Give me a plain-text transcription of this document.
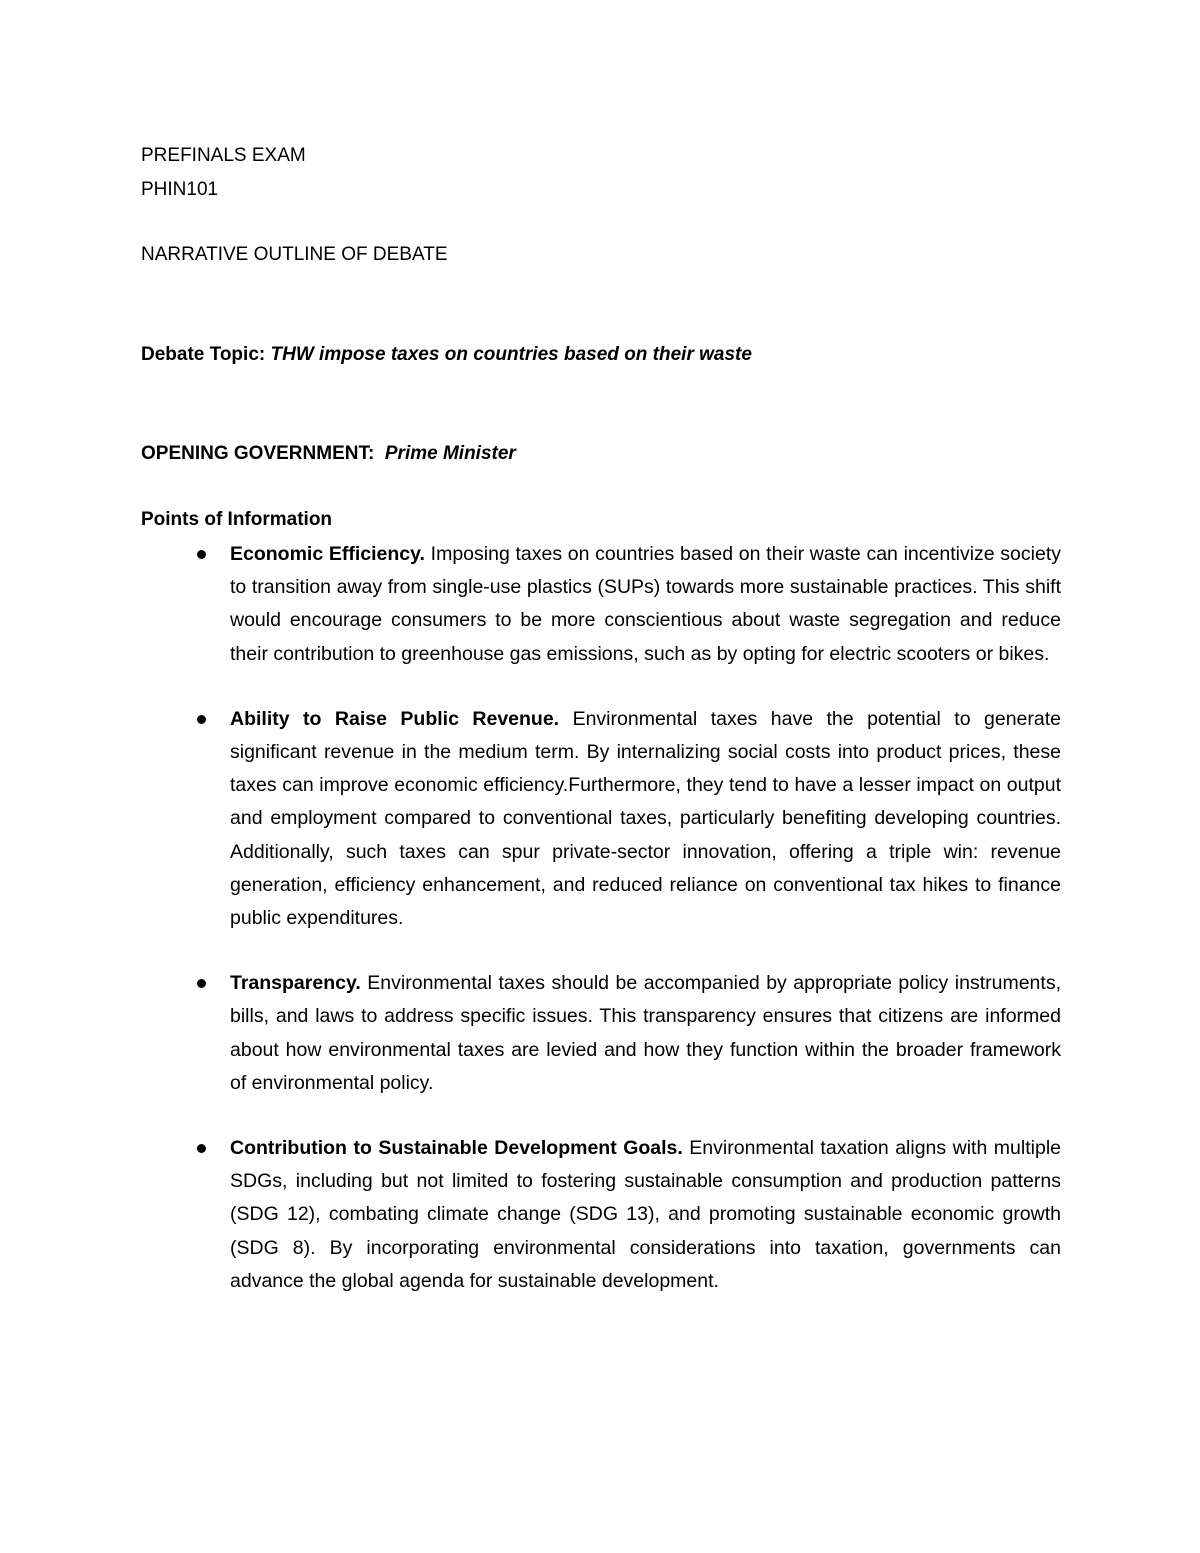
PREFINALS EXAM
PHIN101
NARRATIVE OUTLINE OF DEBATE
Debate Topic: THW impose taxes on countries based on their waste
OPENING GOVERNMENT: Prime Minister
Points of Information
Economic Efficiency. Imposing taxes on countries based on their waste can incentivize society to transition away from single-use plastics (SUPs) towards more sustainable practices. This shift would encourage consumers to be more conscientious about waste segregation and reduce their contribution to greenhouse gas emissions, such as by opting for electric scooters or bikes.
Ability to Raise Public Revenue. Environmental taxes have the potential to generate significant revenue in the medium term. By internalizing social costs into product prices, these taxes can improve economic efficiency.Furthermore, they tend to have a lesser impact on output and employment compared to conventional taxes, particularly benefiting developing countries. Additionally, such taxes can spur private-sector innovation, offering a triple win: revenue generation, efficiency enhancement, and reduced reliance on conventional tax hikes to finance public expenditures.
Transparency. Environmental taxes should be accompanied by appropriate policy instruments, bills, and laws to address specific issues. This transparency ensures that citizens are informed about how environmental taxes are levied and how they function within the broader framework of environmental policy.
Contribution to Sustainable Development Goals. Environmental taxation aligns with multiple SDGs, including but not limited to fostering sustainable consumption and production patterns (SDG 12), combating climate change (SDG 13), and promoting sustainable economic growth (SDG 8). By incorporating environmental considerations into taxation, governments can advance the global agenda for sustainable development.
